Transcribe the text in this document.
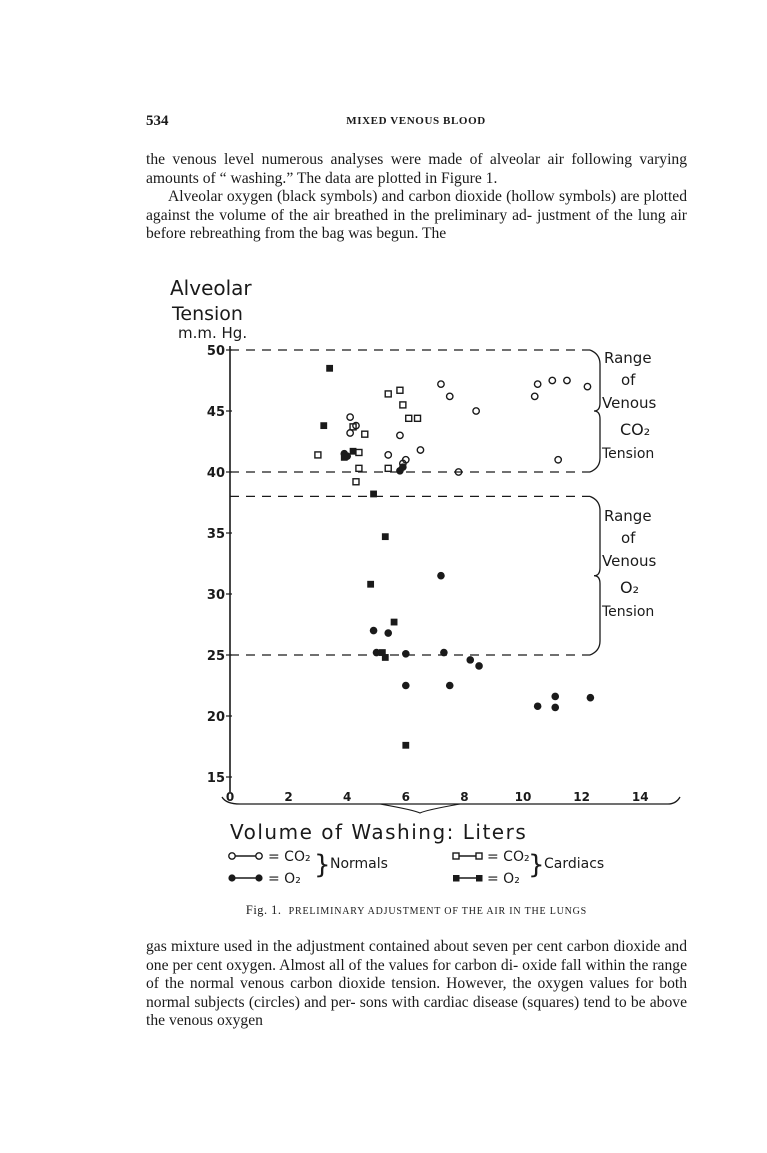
534	MIXED VENOUS BLOOD

the venous level numerous analyses were made of alveolar air following varying amounts of “ washing.” The data are plotted in Figure 1.

Alveolar oxygen (black symbols) and carbon dioxide (hollow symbols) are plotted against the volume of the air breathed in the preliminary ad- justment of the lung air before rebreathing from the bag was begun. The

Alveolar
Tension
m.m. Hg.
15
20
25
30
35
40
45
50
0	2	4	6	8	10	12	14
Range
of
Venous
CO₂
Tension
Range
of
Venous
O₂
Tension
Volume of Washing: Liters
= CO₂
= O₂ } Normals	= CO₂
= O₂ } Cardiacs
Fig. 1. PRELIMINARY ADJUSTMENT OF THE AIR IN THE LUNGS

gas mixture used in the adjustment contained about seven per cent carbon dioxide and one per cent oxygen. Almost all of the values for carbon di- oxide fall within the range of the normal venous carbon dioxide tension. However, the oxygen values for both normal subjects (circles) and per- sons with cardiac disease (squares) tend to be above the venous oxygen
